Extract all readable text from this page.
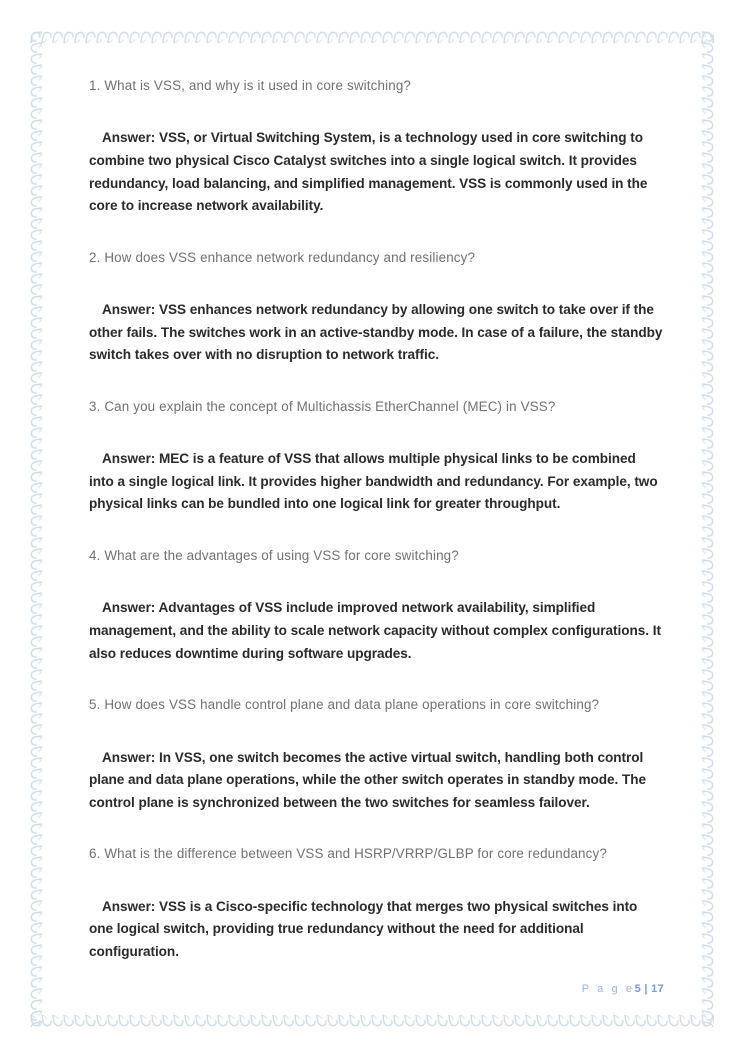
1. What is VSS, and why is it used in core switching?

Answer: VSS, or Virtual Switching System, is a technology used in core switching to combine two physical Cisco Catalyst switches into a single logical switch. It provides redundancy, load balancing, and simplified management. VSS is commonly used in the core to increase network availability.

2. How does VSS enhance network redundancy and resiliency?

Answer: VSS enhances network redundancy by allowing one switch to take over if the other fails. The switches work in an active-standby mode. In case of a failure, the standby switch takes over with no disruption to network traffic.

3. Can you explain the concept of Multichassis EtherChannel (MEC) in VSS?

Answer: MEC is a feature of VSS that allows multiple physical links to be combined into a single logical link. It provides higher bandwidth and redundancy. For example, two physical links can be bundled into one logical link for greater throughput.

4. What are the advantages of using VSS for core switching?

Answer: Advantages of VSS include improved network availability, simplified management, and the ability to scale network capacity without complex configurations. It also reduces downtime during software upgrades.

5. How does VSS handle control plane and data plane operations in core switching?

Answer: In VSS, one switch becomes the active virtual switch, handling both control plane and data plane operations, while the other switch operates in standby mode. The control plane is synchronized between the two switches for seamless failover.

6. What is the difference between VSS and HSRP/VRRP/GLBP for core redundancy?

Answer: VSS is a Cisco-specific technology that merges two physical switches into one logical switch, providing true redundancy without the need for additional configuration.

P a g e5 | 17
